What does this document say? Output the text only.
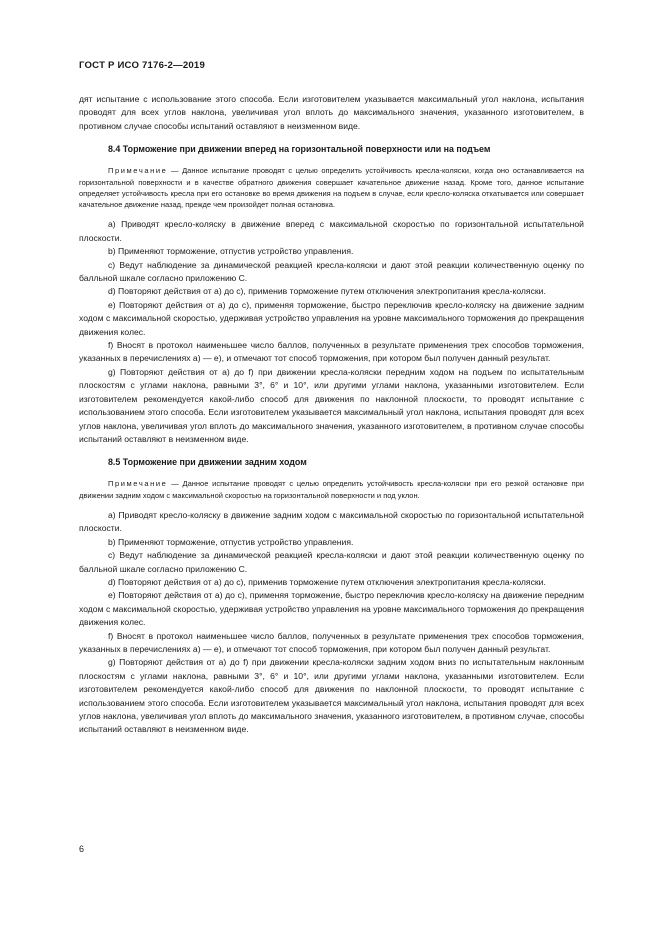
ГОСТ Р ИСО 7176-2—2019

дят испытание с использование этого способа. Если изготовителем указывается максимальный угол наклона, испытания проводят для всех углов наклона, увеличивая угол вплоть до максимального значения, указанного изготовителем, в противном случае способы испытаний оставляют в неизменном виде.

8.4 Торможение при движении вперед на горизонтальной поверхности или на подъем

Примечание — Данное испытание проводят с целью определить устойчивость кресла-коляски, когда оно останавливается на горизонтальной поверхности и в качестве обратного движения совершает качательное движение назад. Кроме того, данное испытание определяет устойчивость кресла при его остановке во время движения на подъем в случае, если кресло-коляска откатывается или совершает качательное движение назад, прежде чем произойдет полная остановка.

a) Приводят кресло-коляску в движение вперед с максимальной скоростью по горизонтальной испытательной плоскости.

b) Применяют торможение, отпустив устройство управления.

c) Ведут наблюдение за динамической реакцией кресла-коляски и дают этой реакции количественную оценку по балльной шкале согласно приложению С.

d) Повторяют действия от а) до с), применив торможение путем отключения электропитания кресла-коляски.

e) Повторяют действия от а) до с), применяя торможение, быстро переключив кресло-коляску на движение задним ходом с максимальной скоростью, удерживая устройство управления на уровне максимального торможения до прекращения движения колес.

f) Вносят в протокол наименьшее число баллов, полученных в результате применения трех способов торможения, указанных в перечислениях а) — е), и отмечают тот способ торможения, при котором был получен данный результат.

g) Повторяют действия от а) до f) при движении кресла-коляски передним ходом на подъем по испытательным плоскостям с углами наклона, равными 3°, 6° и 10°, или другими углами наклона, указанными изготовителем. Если изготовителем рекомендуется какой-либо способ для движения по наклонной плоскости, то проводят испытание с использованием этого способа. Если изготовителем указывается максимальный угол наклона, испытания проводят для всех углов наклона, увеличивая угол вплоть до максимального значения, указанного изготовителем, в противном случае способы испытаний оставляют в неизменном виде.

8.5 Торможение при движении задним ходом

Примечание — Данное испытание проводят с целью определить устойчивость кресла-коляски при его резкой остановке при движении задним ходом с максимальной скоростью на горизонтальной поверхности и под уклон.

a) Приводят кресло-коляску в движение задним ходом с максимальной скоростью по горизонтальной испытательной плоскости.

b) Применяют торможение, отпустив устройство управления.

c) Ведут наблюдение за динамической реакцией кресла-коляски и дают этой реакции количественную оценку по балльной шкале согласно приложению С.

d) Повторяют действия от а) до с), применив торможение путем отключения электропитания кресла-коляски.

e) Повторяют действия от а) до с), применяя торможение, быстро переключив кресло-коляску на движение передним ходом с максимальной скоростью, удерживая устройство управления на уровне максимального торможения до прекращения движения колес.

f) Вносят в протокол наименьшее число баллов, полученных в результате применения трех способов торможения, указанных в перечислениях а) — е), и отмечают тот способ торможения, при котором был получен данный результат.

g) Повторяют действия от а) до f) при движении кресла-коляски задним ходом вниз по испытательным наклонным плоскостям с углами наклона, равными 3°, 6° и 10°, или другими углами наклона, указанными изготовителем. Если изготовителем рекомендуется какой-либо способ для движения по наклонной плоскости, то проводят испытание с использованием этого способа. Если изготовителем указывается максимальный угол наклона, испытания проводят для всех углов наклона, увеличивая угол вплоть до максимального значения, указанного изготовителем, в противном случае, способы испытаний оставляют в неизменном виде.

6
